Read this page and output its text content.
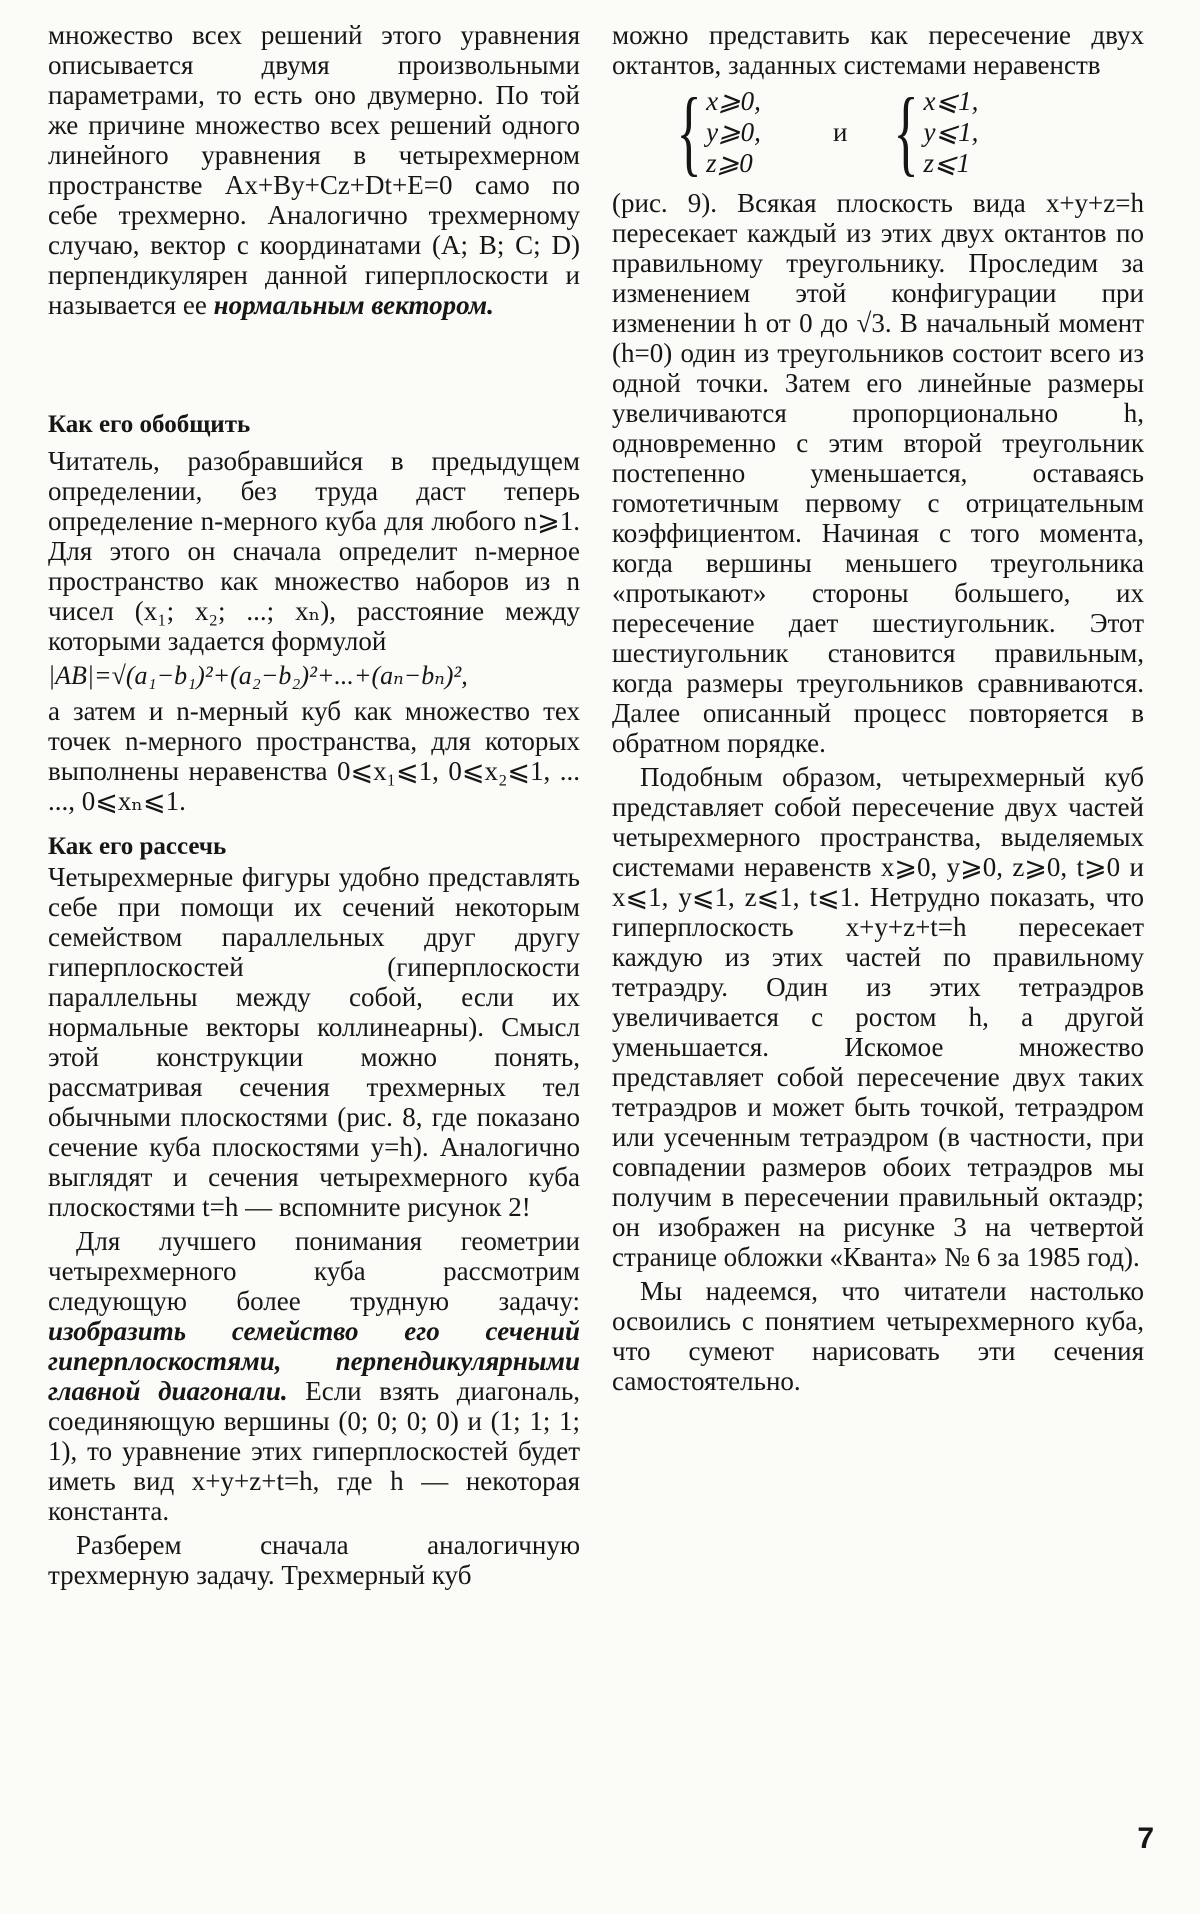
множество всех решений этого уравнения описывается двумя произвольными параметрами, то есть оно двумерно. По той же причине множество всех решений одного линейного уравнения в четырехмерном пространстве Ax+By+Cz+Dt+E=0 само по себе трехмерно. Аналогично трехмерному случаю, вектор с координатами (A; B; C; D) перпендикулярен данной гиперплоскости и называется ее нормальным вектором.

Как его обобщить

Читатель, разобравшийся в предыдущем определении, без труда даст теперь определение n-мерного куба для любого n⩾1. Для этого он сначала определит n-мерное пространство как множество наборов из n чисел (x₁; x₂; ...; xₙ), расстояние между которыми задается формулой

|AB|=√(a₁−b₁)²+(a₂−b₂)²+...+(aₙ−bₙ)²,

а затем и n-мерный куб как множество тех точек n-мерного пространства, для которых выполнены неравенства 0⩽x₁⩽1, 0⩽x₂⩽1, ... ..., 0⩽xₙ⩽1.

Как его рассечь

Четырехмерные фигуры удобно представлять себе при помощи их сечений некоторым семейством параллельных друг другу гиперплоскостей (гиперплоскости параллельны между собой, если их нормальные векторы коллинеарны). Смысл этой конструкции можно понять, рассматривая сечения трехмерных тел обычными плоскостями (рис. 8, где показано сечение куба плоскостями y=h). Аналогично выглядят и сечения четырехмерного куба плоскостями t=h — вспомните рисунок 2!

Для лучшего понимания геометрии четырехмерного куба рассмотрим следующую более трудную задачу: изобразить семейство его сечений гиперплоскостями, перпендикулярными главной диагонали. Если взять диагональ, соединяющую вершины (0; 0; 0; 0) и (1; 1; 1; 1), то уравнение этих гиперплоскостей будет иметь вид x+y+z+t=h, где h — некоторая константа.

Разберем сначала аналогичную трехмерную задачу. Трехмерный куб

можно представить как пересечение двух октантов, заданных системами неравенств

{ x⩾0,
y⩾0,
z⩾0
и { x⩽1,
y⩽1,
z⩽1

(рис. 9). Всякая плоскость вида x+y+z=h пересекает каждый из этих двух октантов по правильному треугольнику. Проследим за изменением этой конфигурации при изменении h от 0 до √3. В начальный момент (h=0) один из треугольников состоит всего из одной точки. Затем его линейные размеры увеличиваются пропорционально h, одновременно с этим второй треугольник постепенно уменьшается, оставаясь гомотетичным первому с отрицательным коэффициентом. Начиная с того момента, когда вершины меньшего треугольника «протыкают» стороны большего, их пересечение дает шестиугольник. Этот шестиугольник становится правильным, когда размеры треугольников сравниваются. Далее описанный процесс повторяется в обратном порядке.

Подобным образом, четырехмерный куб представляет собой пересечение двух частей четырехмерного пространства, выделяемых системами неравенств x⩾0, y⩾0, z⩾0, t⩾0 и x⩽1, y⩽1, z⩽1, t⩽1. Нетрудно показать, что гиперплоскость x+y+z+t=h пересекает каждую из этих частей по правильному тетраэдру. Один из этих тетраэдров увеличивается с ростом h, а другой уменьшается. Искомое множество представляет собой пересечение двух таких тетраэдров и может быть точкой, тетраэдром или усеченным тетраэдром (в частности, при совпадении размеров обоих тетраэдров мы получим в пересечении правильный октаэдр; он изображен на рисунке 3 на четвертой странице обложки «Кванта» № 6 за 1985 год).

Мы надеемся, что читатели настолько освоились с понятием четырехмерного куба, что сумеют нарисовать эти сечения самостоятельно.

7
